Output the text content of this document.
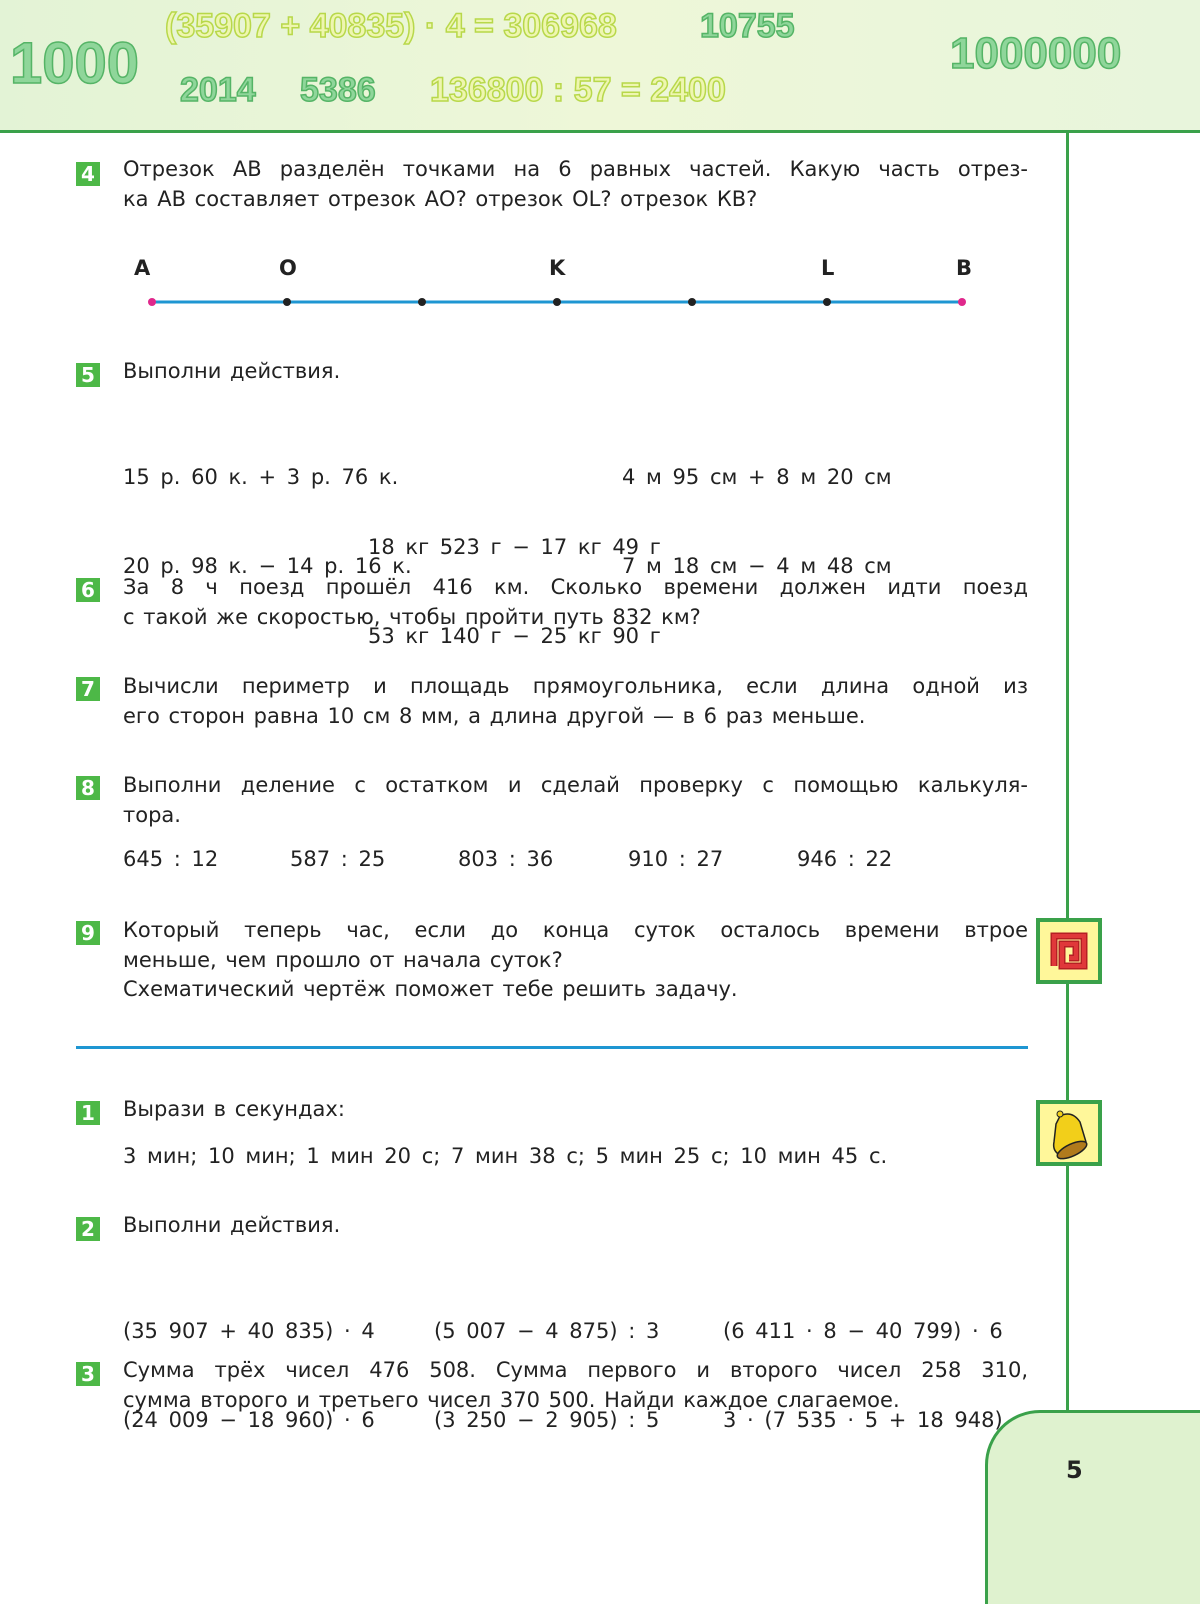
1000
(35907 + 40835) · 4 = 306968
2014 5386
10755
136800 : 57 = 2400
1000000
4 Отрезок АВ разделён точками на 6 равных частей. Какую часть отрез-
ка АВ составляет отрезок АО? отрезок OL? отрезок КВ?
A	O	K	L	B
5 Выполни действия.

15 р. 60 к. + 3 р. 76 к.

20 р. 98 к. − 14 р. 16 к.

4 м 95 см + 8 м 20 см

7 м 18 см − 4 м 48 см

18 кг 523 г − 17 кг 49 г

53 кг 140 г − 25 кг 90 г

6 За 8 ч поезд прошёл 416 км. Сколько времени должен идти поезд
с такой же скоростью, чтобы пройти путь 832 км?
7 Вычисли периметр и площадь прямоугольника, если длина одной из
его сторон равна 10 см 8 мм, а длина другой — в 6 раз меньше.
8 Выполни деление с остатком и сделай проверку с помощью калькуля-
тора.
645 : 12	587 : 25	803 : 36	910 : 27	946 : 22
9 Который теперь час, если до конца суток осталось времени втрое
меньше, чем прошло от начала суток?
Схематический чертёж поможет тебе решить задачу.
1 Вырази в секундах:
3 мин; 10 мин; 1 мин 20 с; 7 мин 38 с; 5 мин 25 с; 10 мин 45 с.
2 Выполни действия.

(35 907 + 40 835) · 4

(24 009 − 18 960) · 6

(5 007 − 4 875) : 3

(3 250 − 2 905) : 5

(6 411 · 8 − 40 799) · 6

3 · (7 535 · 5 + 18 948)

3 Сумма трёх чисел 476 508. Сумма первого и второго чисел 258 310,
сумма второго и третьего чисел 370 500. Найди каждое слагаемое.
5
